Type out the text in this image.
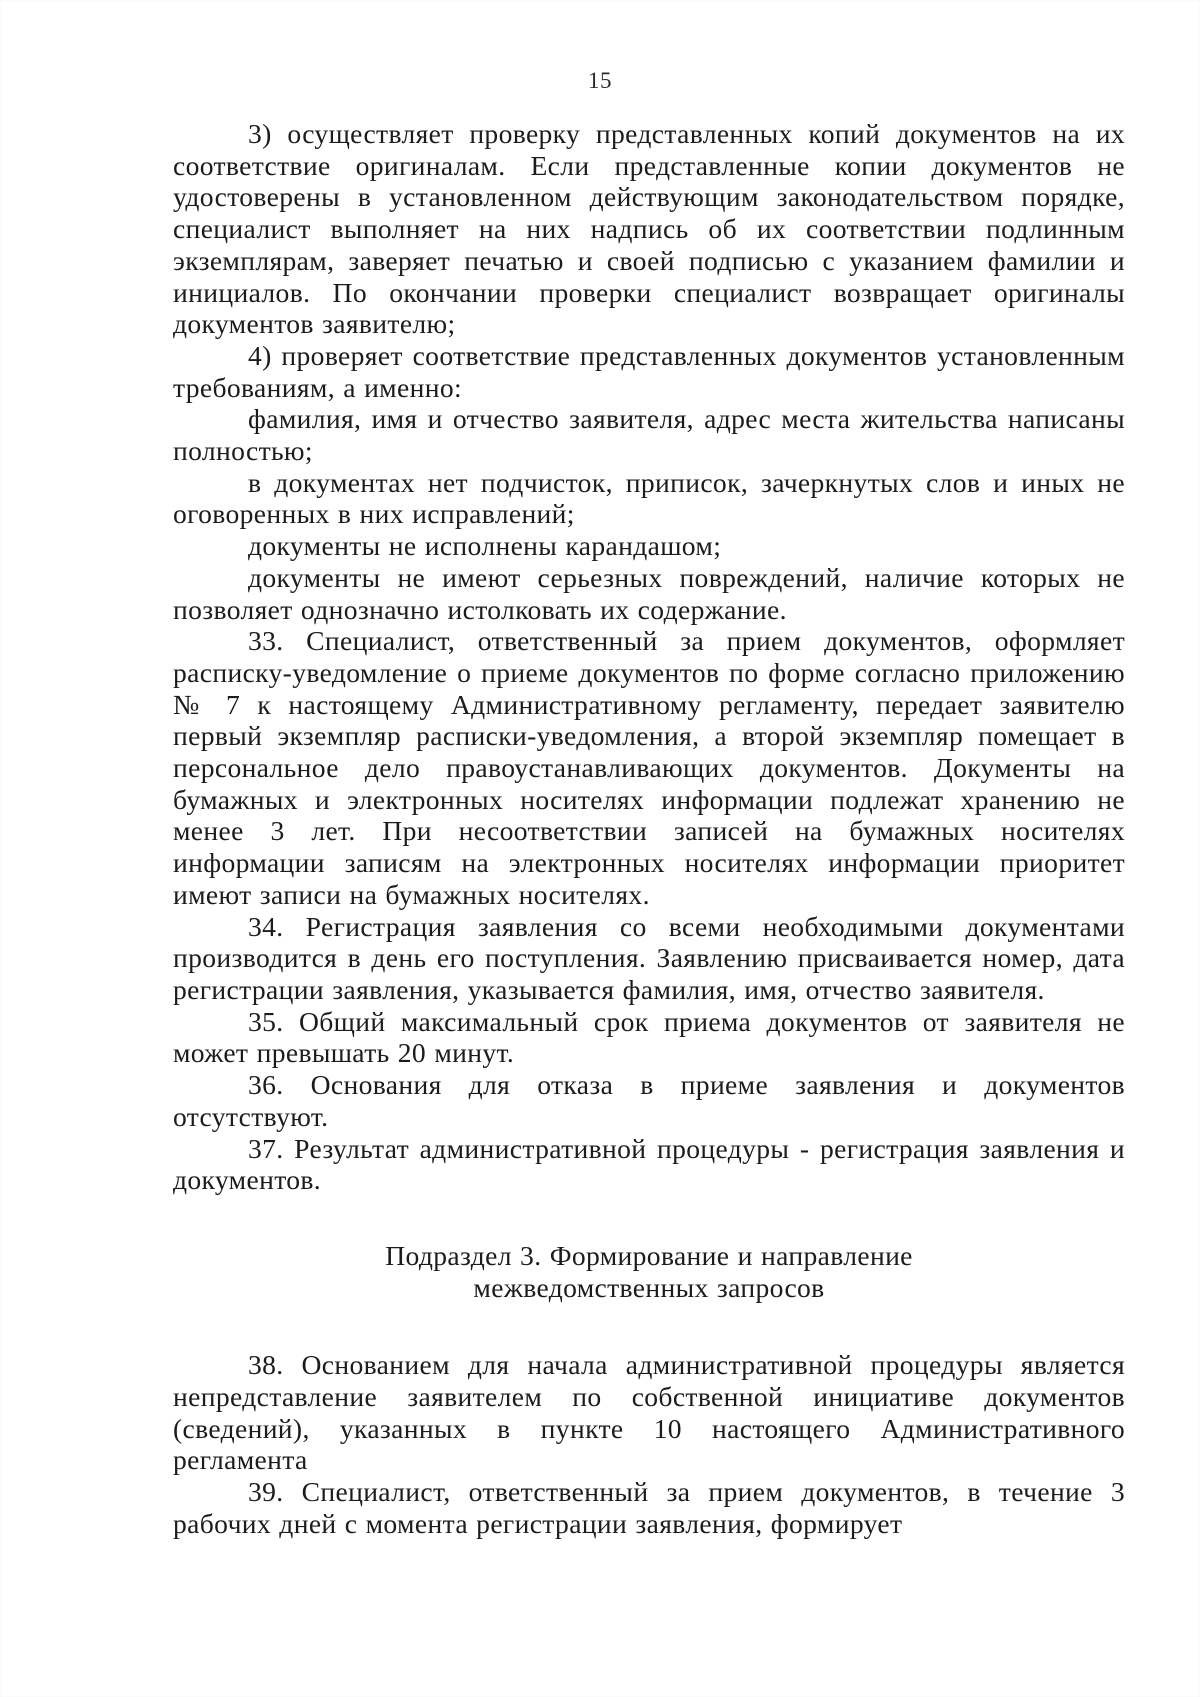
15

3) осуществляет проверку представленных копий документов на их соответствие оригиналам. Если представленные копии документов не удостоверены в установленном действующим законодательством порядке, специалист выполняет на них надпись об их соответствии подлинным экземплярам, заверяет печатью и своей подписью с указанием фамилии и инициалов. По окончании проверки специалист возвращает оригиналы документов заявителю;

4) проверяет соответствие представленных документов установленным требованиям, а именно:

фамилия, имя и отчество заявителя, адрес места жительства написаны полностью;

в документах нет подчисток, приписок, зачеркнутых слов и иных не оговоренных в них исправлений;

документы не исполнены карандашом;

документы не имеют серьезных повреждений, наличие которых не позволяет однозначно истолковать их содержание.

33. Специалист, ответственный за прием документов, оформляет расписку-уведомление о приеме документов по форме согласно приложению № 7 к настоящему Административному регламенту, передает заявителю первый экземпляр расписки-уведомления, а второй экземпляр помещает в персональное дело правоустанавливающих документов. Документы на бумажных и электронных носителях информации подлежат хранению не менее 3 лет. При несоответствии записей на бумажных носителях информации записям на электронных носителях информации приоритет имеют записи на бумажных носителях.

34. Регистрация заявления со всеми необходимыми документами производится в день его поступления. Заявлению присваивается номер, дата регистрации заявления, указывается фамилия, имя, отчество заявителя.

35. Общий максимальный срок приема документов от заявителя не может превышать 20 минут.

36. Основания для отказа в приеме заявления и документов отсутствуют.

37. Результат административной процедуры - регистрация заявления и документов.

Подраздел 3. Формирование и направление межведомственных запросов

38. Основанием для начала административной процедуры является непредставление заявителем по собственной инициативе документов (сведений), указанных в пункте 10 настоящего Административного регламента

39. Специалист, ответственный за прием документов, в течение 3 рабочих дней с момента регистрации заявления, формирует
